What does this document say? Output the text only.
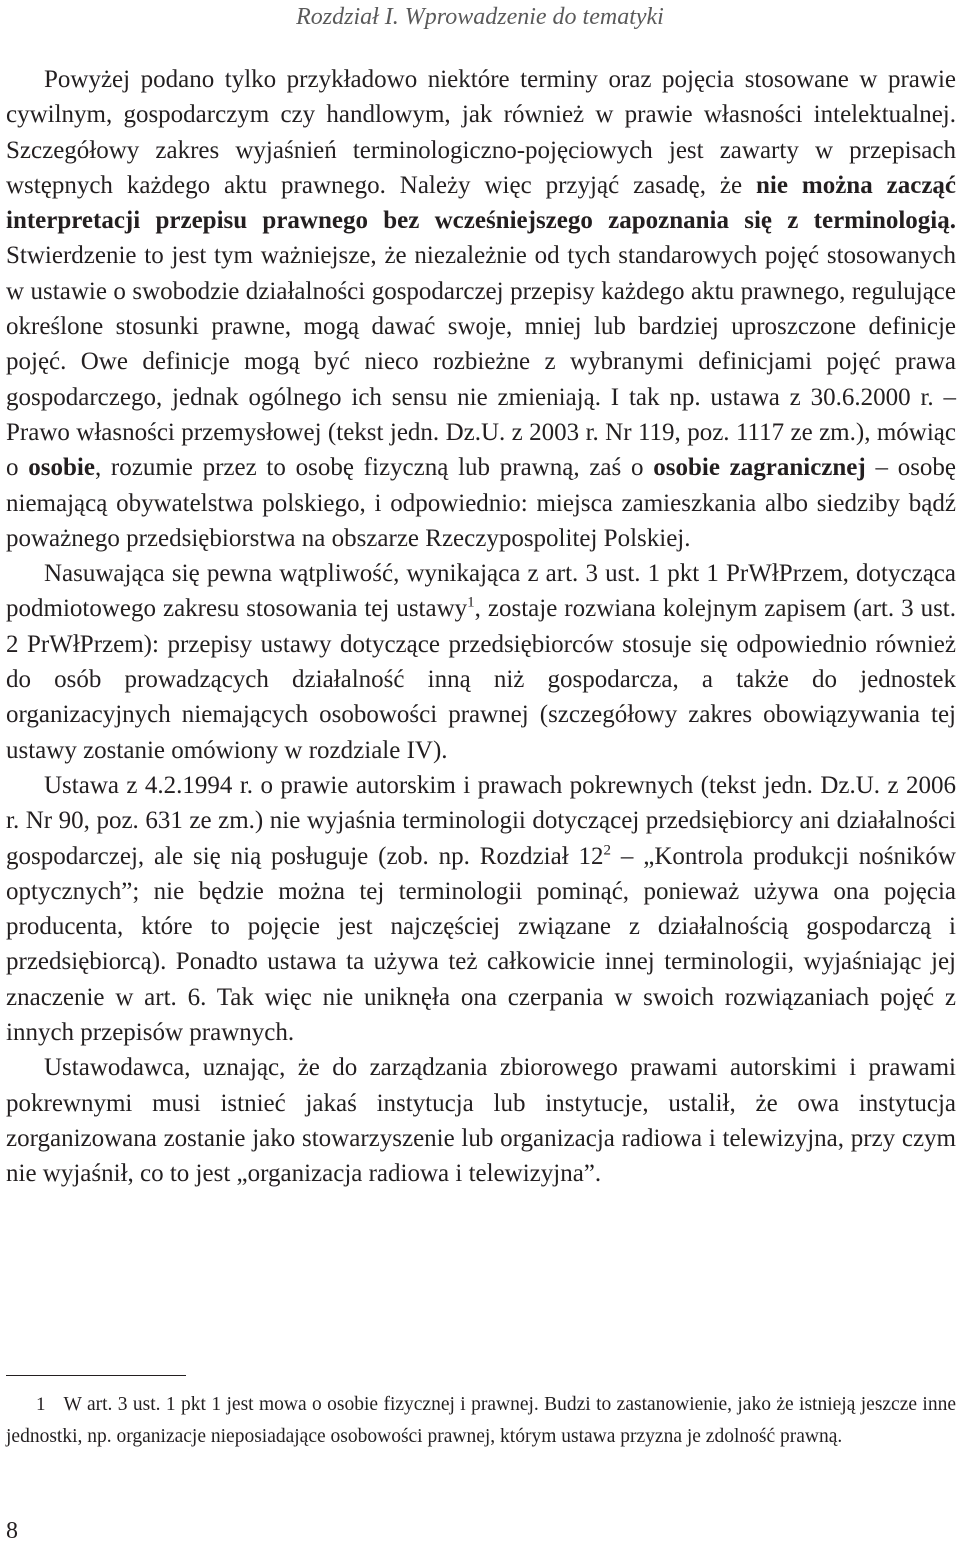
Rozdział I. Wprowadzenie do tematyki

Powyżej podano tylko przykładowo niektóre terminy oraz pojęcia stosowane w prawie cywilnym, gospodarczym czy handlowym, jak również w prawie własności intelektualnej. Szczegółowy zakres wyjaśnień terminologiczno-pojęciowych jest zawarty w przepisach wstępnych każdego aktu prawnego. Należy więc przyjąć zasadę, że nie można zacząć interpretacji przepisu prawnego bez wcześniejszego zapoznania się z terminologią. Stwierdzenie to jest tym ważniejsze, że niezależnie od tych standarowych pojęć stosowanych w ustawie o swobodzie działalności gospodarczej przepisy każdego aktu prawnego, regulujące określone stosunki prawne, mogą dawać swoje, mniej lub bardziej uproszczone definicje pojęć. Owe definicje mogą być nieco rozbieżne z wybranymi definicjami pojęć prawa gospodarczego, jednak ogólnego ich sensu nie zmieniają. I tak np. ustawa z 30.6.2000 r. – Prawo własności przemysłowej (tekst jedn. Dz.U. z 2003 r. Nr 119, poz. 1117 ze zm.), mówiąc o osobie, rozumie przez to osobę fizyczną lub prawną, zaś o osobie zagranicznej – osobę niemającą obywatelstwa polskiego, i odpowiednio: miejsca zamieszkania albo siedziby bądź poważnego przedsiębiorstwa na obszarze Rzeczypospolitej Polskiej.

Nasuwająca się pewna wątpliwość, wynikająca z art. 3 ust. 1 pkt 1 PrWłPrzem, dotycząca podmiotowego zakresu stosowania tej ustawy$^1$, zostaje rozwiana kolejnym zapisem (art. 3 ust. 2 PrWłPrzem): przepisy ustawy dotyczące przedsiębiorców stosuje się odpowiednio również do osób prowadzących działalność inną niż gospodarcza, a także do jednostek organizacyjnych niemających osobowości prawnej (szczegółowy zakres obowiązywania tej ustawy zostanie omówiony w rozdziale IV).

Ustawa z 4.2.1994 r. o prawie autorskim i prawach pokrewnych (tekst jedn. Dz.U. z 2006 r. Nr 90, poz. 631 ze zm.) nie wyjaśnia terminologii dotyczącej przedsiębiorcy ani działalności gospodarczej, ale się nią posługuje (zob. np. Rozdział $12^2$ – „Kontrola produkcji nośników optycznych”; nie będzie można tej terminologii pominąć, ponieważ używa ona pojęcia producenta, które to pojęcie jest najczęściej związane z działalnością gospodarczą i przedsiębiorcą). Ponadto ustawa ta używa też całkowicie innej terminologii, wyjaśniając jej znaczenie w art. 6. Tak więc nie uniknęła ona czerpania w swoich rozwiązaniach pojęć z innych przepisów prawnych.

Ustawodawca, uznając, że do zarządzania zbiorowego prawami autorskimi i prawami pokrewnymi musi istnieć jakaś instytucja lub instytucje, ustalił, że owa instytucja zorganizowana zostanie jako stowarzyszenie lub organizacja radiowa i telewizyjna, przy czym nie wyjaśnił, co to jest „organizacja radiowa i telewizyjna”.

1 W art. 3 ust. 1 pkt 1 jest mowa o osobie fizycznej i prawnej. Budzi to zastanowienie, jako że istnieją jeszcze inne jednostki, np. organizacje nieposiadające osobowości prawnej, którym ustawa przyzna je zdolność prawną.
8
